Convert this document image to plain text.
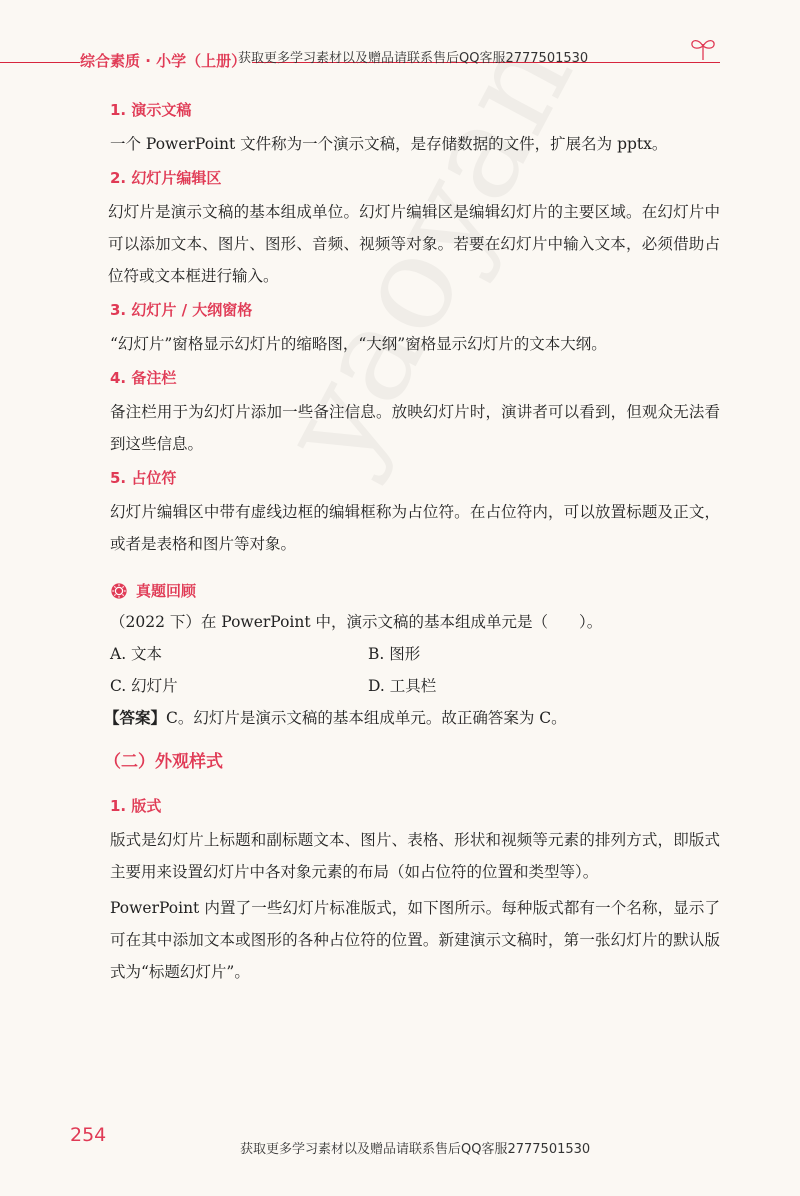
综合素质 · 小学（上册）
获取更多学习素材以及赠品请联系售后QQ客服2777501530
1. 演示文稿

一个 PowerPoint 文件称为一个演示文稿，是存储数据的文件，扩展名为 pptx。

2. 幻灯片编辑区

幻灯片是演示文稿的基本组成单位。幻灯片编辑区是编辑幻灯片的主要区域。在幻灯片中可以添加文本、图片、图形、音频、视频等对象。若要在幻灯片中输入文本，必须借助占位符或文本框进行输入。

3. 幻灯片 / 大纲窗格

“幻灯片”窗格显示幻灯片的缩略图，“大纲”窗格显示幻灯片的文本大纲。

4. 备注栏

备注栏用于为幻灯片添加一些备注信息。放映幻灯片时，演讲者可以看到，但观众无法看到这些信息。

5. 占位符

幻灯片编辑区中带有虚线边框的编辑框称为占位符。在占位符内，可以放置标题及正文，或者是表格和图片等对象。

真题回顾

（2022 下）在 PowerPoint 中，演示文稿的基本组成单元是（　　）。

A. 文本	B. 图形
C. 幻灯片	D. 工具栏

【答案】C。幻灯片是演示文稿的基本组成单元。故正确答案为 C。

（二）外观样式
1. 版式

版式是幻灯片上标题和副标题文本、图片、表格、形状和视频等元素的排列方式，即版式主要用来设置幻灯片中各对象元素的布局（如占位符的位置和类型等）。

PowerPoint 内置了一些幻灯片标准版式，如下图所示。每种版式都有一个名称，显示了可在其中添加文本或图形的各种占位符的位置。新建演示文稿时，第一张幻灯片的默认版式为“标题幻灯片”。

254
获取更多学习素材以及赠品请联系售后QQ客服2777501530
